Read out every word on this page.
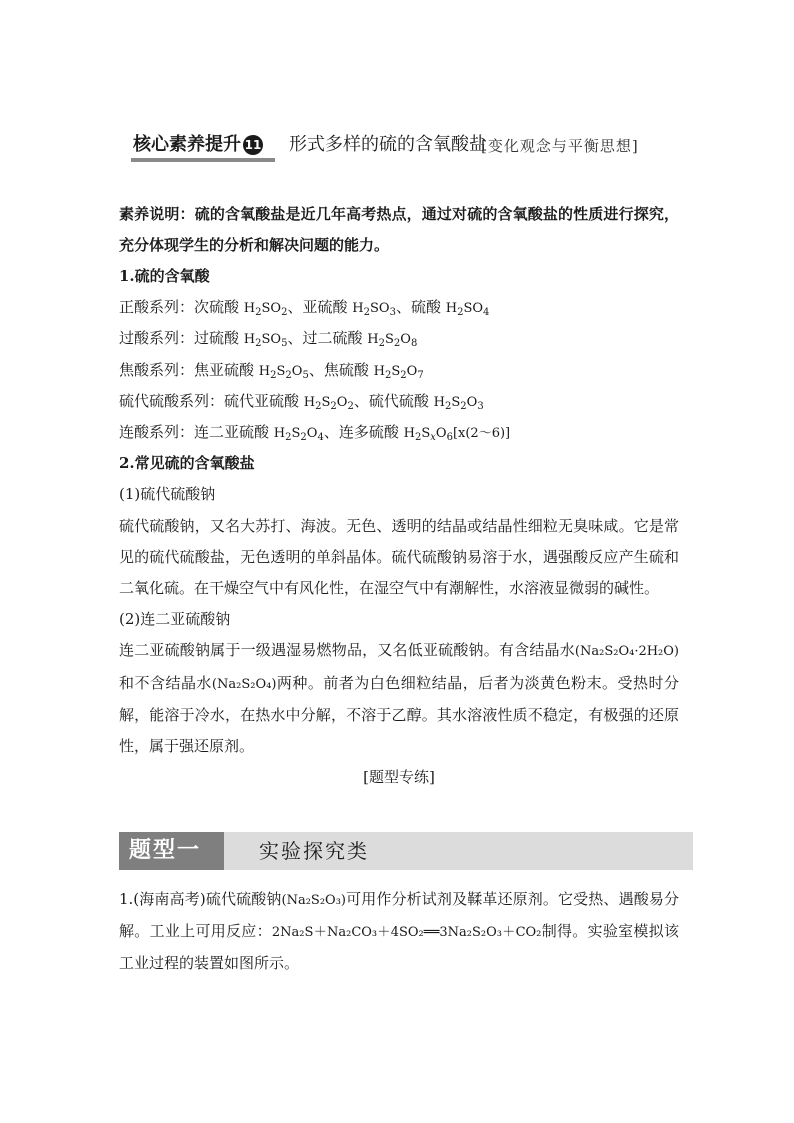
核心素养提升 11 形式多样的硫的含氧酸盐
[变化观念与平衡思想]
素养说明：硫的含氧酸盐是近几年高考热点，通过对硫的含氧酸盐的性质进行探究，充分体现学生的分析和解决问题的能力。
1.硫的含氧酸
正酸系列：次硫酸 $H_2SO_2$、亚硫酸 $H_2SO_3$、硫酸 $H_2SO_4$
过酸系列：过硫酸 $H_2SO_5$、过二硫酸 $H_2S_2O_8$
焦酸系列：焦亚硫酸 $H_2S_2O_5$、焦硫酸 $H_2S_2O_7$
硫代硫酸系列：硫代亚硫酸 $H_2S_2O_2$、硫代硫酸 $H_2S_2O_3$
连酸系列：连二亚硫酸 $H_2S_2O_4$、连多硫酸 $H_2S_xO_6[x(2\sim 6)]$
2.常见硫的含氧酸盐
(1)硫代硫酸钠
硫代硫酸钠，又名大苏打、海波。无色、透明的结晶或结晶性细粒无臭味咸。它是常见的硫代硫酸盐，无色透明的单斜晶体。硫代硫酸钠易溶于水，遇强酸反应产生硫和二氧化硫。在干燥空气中有风化性，在湿空气中有潮解性，水溶液显微弱的碱性。
(2)连二亚硫酸钠
连二亚硫酸钠属于一级遇湿易燃物品，又名低亚硫酸钠。有含结晶水(Na₂S₂O₄·2H₂O)和不含结晶水(Na₂S₂O₄)两种。前者为白色细粒结晶，后者为淡黄色粉末。受热时分解，能溶于冷水，在热水中分解，不溶于乙醇。其水溶液性质不稳定，有极强的还原性，属于强还原剂。
[题型专练]
题型一	实验探究类
1.(海南高考)硫代硫酸钠(Na₂S₂O₃)可用作分析试剂及鞣革还原剂。它受热、遇酸易分解。工业上可用反应：2Na₂S＋Na₂CO₃＋4SO₂══3Na₂S₂O₃＋CO₂制得。实验室模拟该工业过程的装置如图所示。
